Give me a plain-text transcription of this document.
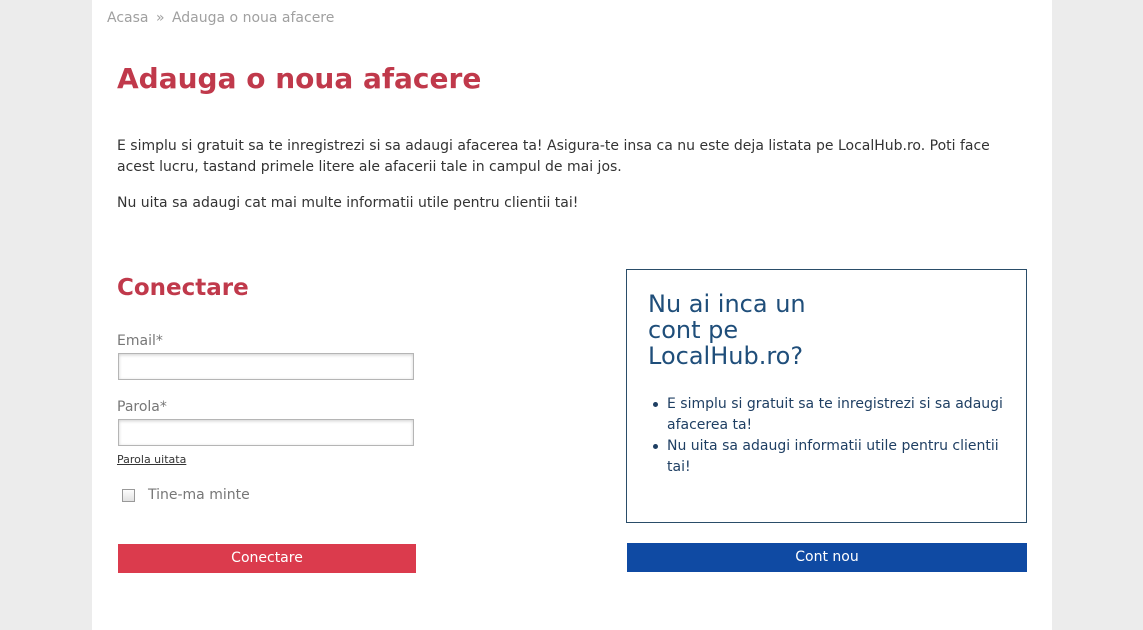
Acasa » Adauga o noua afacere
Adauga o noua afacere

E simplu si gratuit sa te inregistrezi si sa adaugi afacerea ta! Asigura-te insa ca nu este deja listata pe LocalHub.ro. Poti face acest lucru, tastand primele litere ale afacerii tale in campul de mai jos.

Nu uita sa adaugi cat mai multe informatii utile pentru clientii tai!

Conectare
Email*
Parola*
Parola uitata
Tine-ma minte
Conectare
Nu ai inca un cont pe LocalHub.ro?
E simplu si gratuit sa te inregistrezi si sa adaugi afacerea ta!
Nu uita sa adaugi informatii utile pentru clientii tai!
Cont nou
